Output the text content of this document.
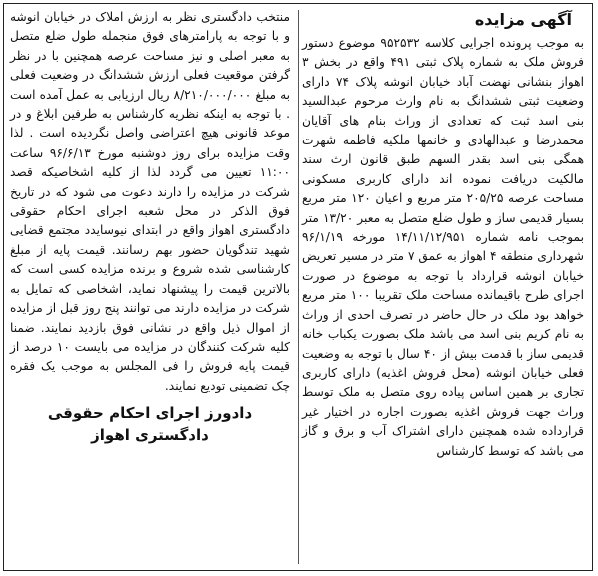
آگهی مزایده

به موجب پرونده اجرایی کلاسه ۹۵۲۵۳۲ موضوع دستور فروش ملک به شماره پلاک ثبتی ۴۹۱ واقع در بخش ۳ اهواز بنشانی نهضت آباد خیابان انوشه پلاک ۷۴ دارای وضعیت ثبتی ششدانگ به نام وارث مرحوم عبدالسید بنی اسد ثبت که تعدادی از وراث بنام های آقایان محمدرضا و عبدالهادی و خانمها ملکیه فاطمه شهرت همگی بنی اسد بقدر السهم طبق قانون ارث سند مالکیت دریافت نموده اند دارای کاربری مسکونی مساحت عرصه ۲۰۵/۲۵ متر مربع و اعیان ۱۲۰ متر مربع بسیار قدیمی ساز و طول ضلع متصل به معبر ۱۳/۲۰ متر بموجب نامه شماره ۱۴/۱۱/۱۲/۹۵۱ مورخه ۹۶/۱/۱۹ شهرداری منطقه ۴ اهواز به عمق ۷ متر در مسیر تعریض خیابان انوشه قرارداد با توجه به موضوع در صورت اجرای طرح باقیمانده مساحت ملک تقریبا ۱۰۰ متر مربع خواهد بود ملک در حال حاضر در تصرف احدی از وراث به نام کریم بنی اسد می باشد ملک بصورت یکباب خانه قدیمی ساز با قدمت بیش از ۴۰ سال با توجه به وضعیت فعلی خیابان انوشه (محل فروش اغذیه) دارای کاربری تجاری بر همین اساس پیاده روی متصل به ملک توسط وراث جهت فروش اغذیه بصورت اجاره در اختیار غیر قرارداده شده همچنین دارای اشتراک آب و برق و گاز می باشد که توسط کارشناس

منتخب دادگستری نظر به ارزش املاک در خیابان انوشه و با توجه به پارامترهای فوق منجمله طول ضلع متصل به معبر اصلی و نیز مساحت عرصه همچنین با در نظر گرفتن موقعیت فعلی ارزش ششدانگ در وضعیت فعلی به مبلغ ۸/۲۱۰/۰۰۰/۰۰۰ ریال ارزیابی به عمل آمده است . با توجه به اینکه نظریه کارشناس به طرفین ابلاغ و در موعد قانونی هیچ اعتراضی واصل نگردیده است . لذا وقت مزایده برای روز دوشنبه مورخ ۹۶/۶/۱۳ ساعت ۱۱:۰۰ تعیین می گردد لذا از کلیه اشخاصیکه قصد شرکت در مزایده را دارند دعوت می شود که در تاریخ فوق الذکر در محل شعبه اجرای احکام حقوقی دادگستری اهواز واقع در ابتدای نیوسایدد مجتمع قضایی شهید تندگویان حضور بهم رسانند. قیمت پایه از مبلغ کارشناسی شده شروع و برنده مزایده کسی است که بالاترین قیمت را پیشنهاد نماید، اشخاصی که تمایل به شرکت در مزایده دارند می توانند پنج روز قبل از مزایده از اموال ذیل واقع در نشانی فوق بازدید نمایند. ضمنا کلیه شرکت کنندگان در مزایده می بایست ۱۰ درصد از قیمت پایه فروش را فی المجلس به موجب یک فقره چک تضمینی تودیع نمایند.

دادورز اجرای احکام حقوقی
دادگستری اهواز
